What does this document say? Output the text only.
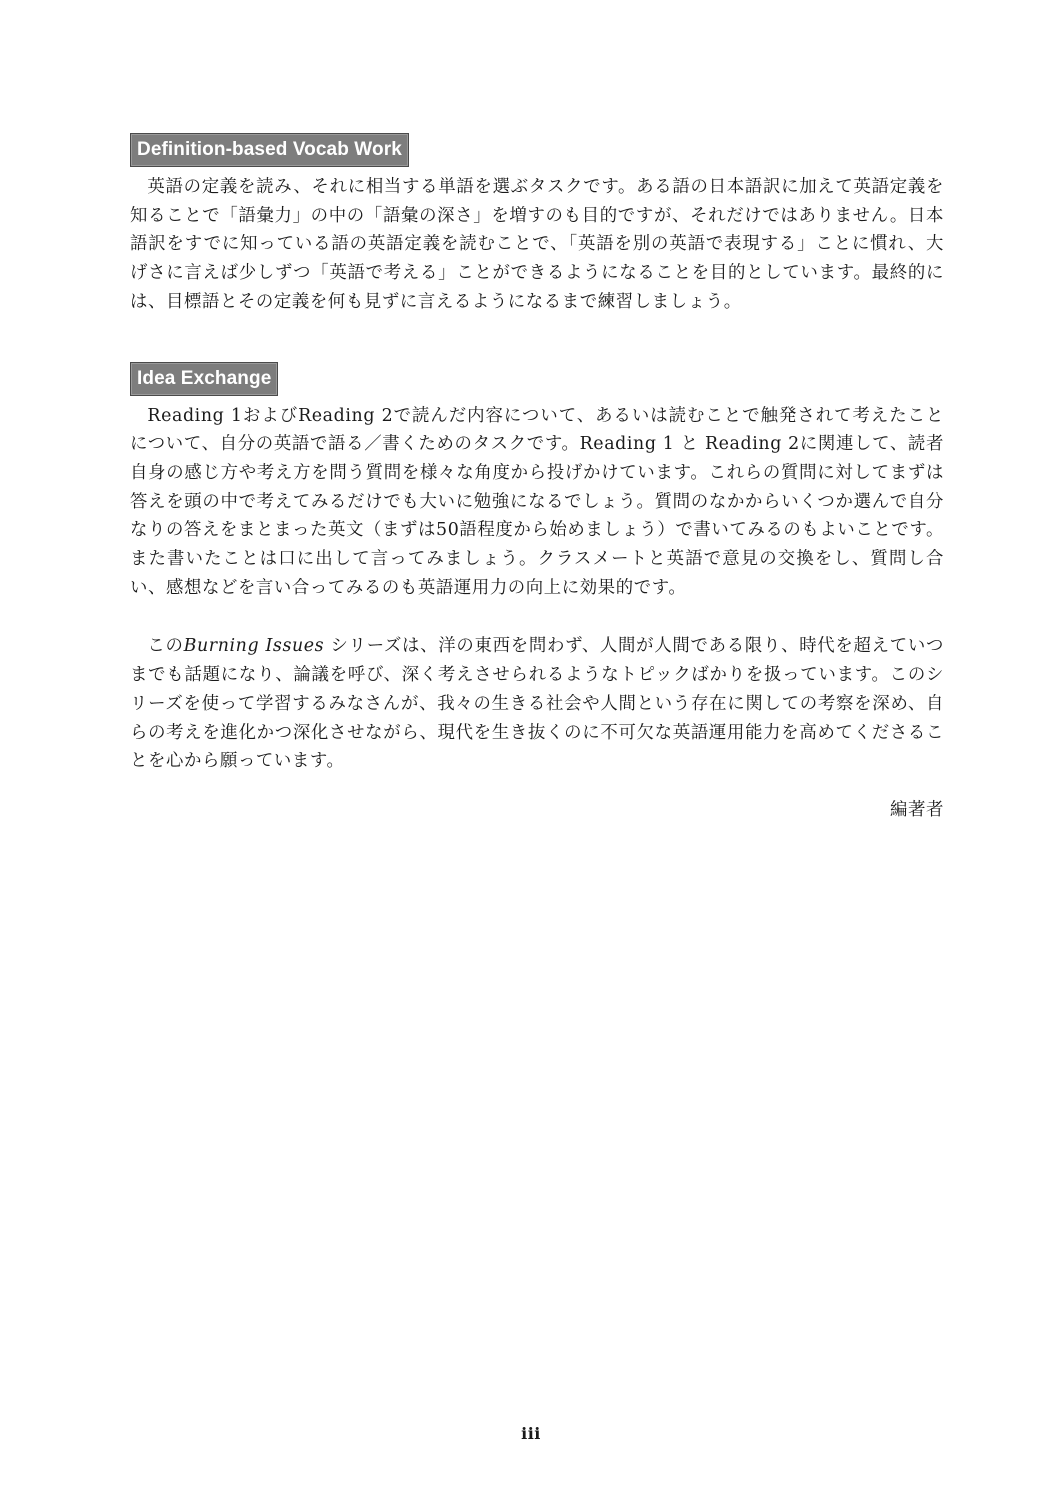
Definition-based Vocab Work

英語の定義を読み、それに相当する単語を選ぶタスクです。ある語の日本語訳に加えて英語定義を知ることで「語彙力」の中の「語彙の深さ」を増すのも目的ですが、それだけではありません。日本語訳をすでに知っている語の英語定義を読むことで、「英語を別の英語で表現する」ことに慣れ、大げさに言えば少しずつ「英語で考える」ことができるようになることを目的としています。最終的には、目標語とその定義を何も見ずに言えるようになるまで練習しましょう。

Idea Exchange

Reading 1およびReading 2で読んだ内容について、あるいは読むことで触発されて考えたことについて、自分の英語で語る／書くためのタスクです。Reading 1 と Reading 2に関連して、読者自身の感じ方や考え方を問う質問を様々な角度から投げかけています。これらの質問に対してまずは答えを頭の中で考えてみるだけでも大いに勉強になるでしょう。質問のなかからいくつか選んで自分なりの答えをまとまった英文（まずは50語程度から始めましょう）で書いてみるのもよいことです。また書いたことは口に出して言ってみましょう。クラスメートと英語で意見の交換をし、質問し合い、感想などを言い合ってみるのも英語運用力の向上に効果的です。

このBurning Issues シリーズは、洋の東西を問わず、人間が人間である限り、時代を超えていつまでも話題になり、論議を呼び、深く考えさせられるようなトピックばかりを扱っています。このシリーズを使って学習するみなさんが、我々の生きる社会や人間という存在に関しての考察を深め、自らの考えを進化かつ深化させながら、現代を生き抜くのに不可欠な英語運用能力を高めてくださることを心から願っています。

編著者
iii
